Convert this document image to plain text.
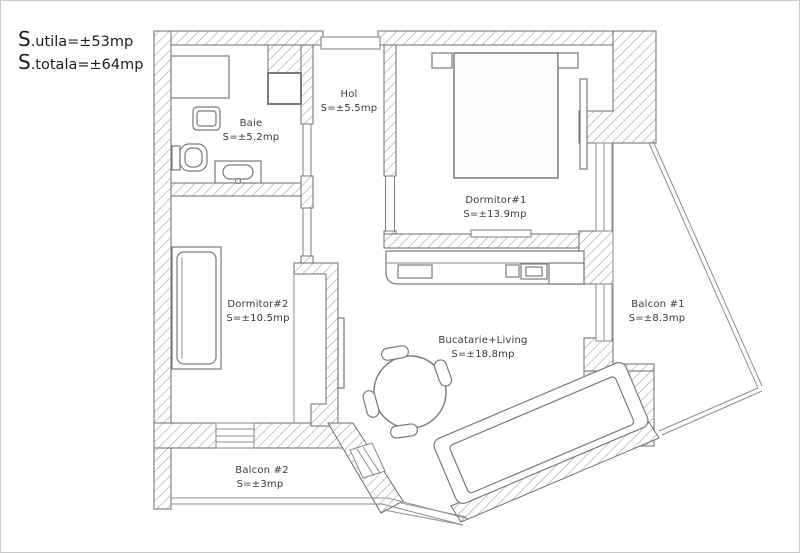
S.utila=±53mp
S.totala=±64mp
Baie
S=±5.2mp
Hol
S=±5.5mp
Dormitor#1
S=±13.9mp
Dormitor#2
S=±10.5mp
Bucatarie+Living
S=±18.8mp
Balcon #1
S=±8.3mp
Balcon #2
S=±3mp
